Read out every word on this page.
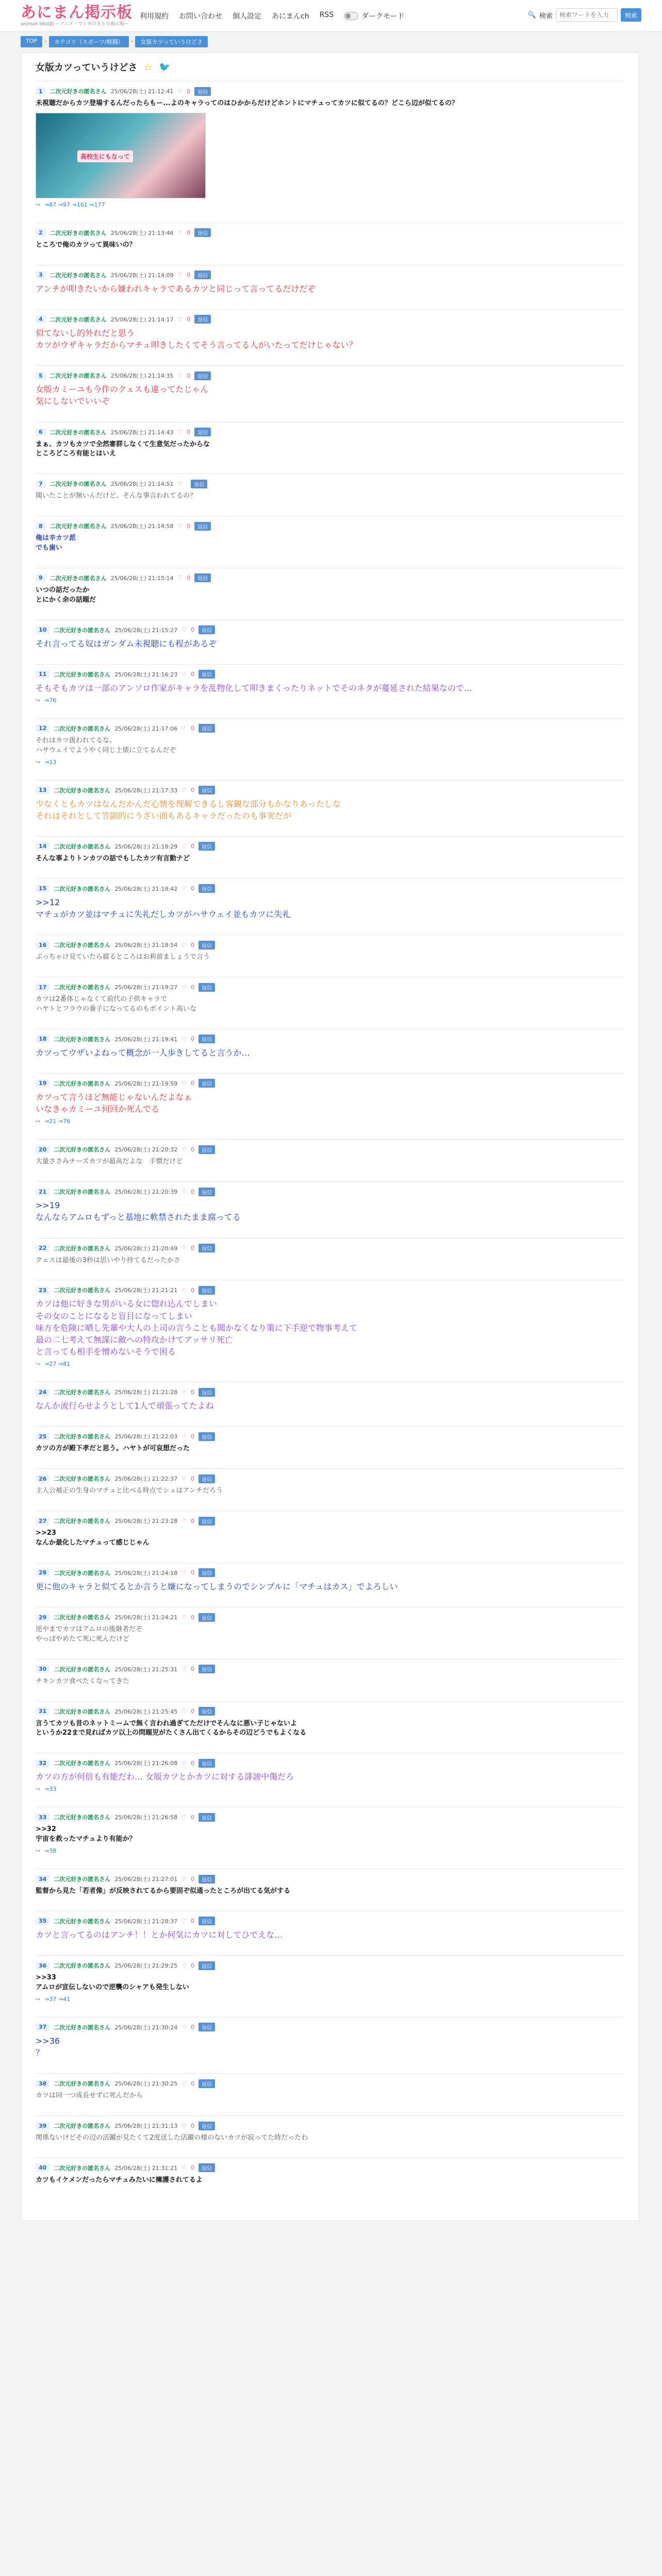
あにまん掲示板
animan bbs(β) ~アニメ・マンガのまとめ掲示板~
利用規約 お問い合わせ 個人設定 あにまんch RSS	ダークモード	🔍 検索
検索ワードを入力	検索
TOP	›	カテゴリ（スポーツ/格闘）	›	女版カツっていうけどさ
女版カツっていうけどさ ☆ 🐦
1	二次元好きの匿名さん 25/06/28(土) 21:12:41 ♡ 0	返信
未視聴だからカツ登場するんだったらもー...よのキャラってのはひかからだけどホントにマチュってカツに似てるの？どこら辺が似てるの？
高校生にもなって
↪ ⇒87 ⇒97 ⇒161 ⇒177
2	二次元好きの匿名さん 25/06/28(土) 21:13:46 ♡ 0	返信
ところで俺のカツって異味いの？
3	二次元好きの匿名さん 25/06/28(土) 21:14:09 ♡ 0	返信
アンチが叩きたいから嫌われキャラであるカツと同じって言ってるだけだぞ
4	二次元好きの匿名さん 25/06/28(土) 21:14:17 ♡ 0	返信
似てないし的外れだと思う
カツがウザキャラだからマチュ叩きしたくてそう言ってる人がいたってだけじゃない？
5	二次元好きの匿名さん 25/06/28(土) 21:14:35 ♡ 0	返信
女版カミーユも今作のクェスも違ってたじゃん
気にしないでいいぞ
6	二次元好きの匿名さん 25/06/28(土) 21:14:43 ♡ 0	返信
まぁ、カツもカツで全然審群しなくて生意気だったからな
ところどころ有能とはいえ
7	二次元好きの匿名さん 25/06/28(土) 21:14:51 ♡	返信
聞いたことが無いんだけど、そんな事言われてるの？
8	二次元好きの匿名さん 25/06/28(土) 21:14:58 ♡ 0	返信
俺は辛カツ派
でも歯い
9	二次元好きの匿名さん 25/06/28(土) 21:15:14 ♡ 0	返信
いつの話だったか
とにかく余の話題だ
10	二次元好きの匿名さん 25/06/28(土) 21:15:27 ♡ 0	返信
それ言ってる奴はガンダム未視聴にも程があるぞ
11	二次元好きの匿名さん 25/06/28(土) 21:16:23 ♡ 0	返信
そもそもカツは一部のアンソロ作家がキャラを乱物化して叩きまくったりネットでそのネタが蔓延された結果なので…
↪ ⇒76
12	二次元好きの匿名さん 25/06/28(土) 21:17:06 ♡ 0	返信
それはカツ扱われてるな。
ハサウェイでようやく同じ土俵に立てるんだぞ
↪ ⇒13
13	二次元好きの匿名さん 25/06/28(土) 21:17:33 ♡ 0	返信
少なくともカツはなんだかんだ心情を理解できるし客観な部分もかなりあったしな
それはそれとして笠副的にうざい面もあるキャラだったのも事実だが
14	二次元好きの匿名さん 25/06/28(土) 21:18:29 ♡ 0	返信
そんな事よりトンカツの話でもしたカツ有言動ナど
15	二次元好きの匿名さん 25/06/28(土) 21:18:42 ♡ 0	返信
>>12
マチュがカツ並はマチュに失礼だしカツがハサウェイ並もカツに失礼
16	二次元好きの匿名さん 25/06/28(土) 21:18:54 ♡ 0	返信
ぶっちゃけ見ていたら腐るところはお莉前ましょうで言う
17	二次元好きの匿名さん 25/06/28(土) 21:19:27 ♡ 0	返信
カツは2番体じゃなくて前代の子供キャラで
ハヤトとフラウの養子になってるのもポイント高いな
18	二次元好きの匿名さん 25/06/28(土) 21:19:41 ♡ 0	返信
カツってウザいよねって概念が一人歩きしてると言うか…
19	二次元好きの匿名さん 25/06/28(土) 21:19:59 ♡ 0	返信
カツって言うほど無能じゃないんだよなぁ
いなきゃカミーユ何回か死んでる
↪ ⇒21 ⇒76
20	二次元好きの匿名さん 25/06/28(土) 21:20:32 ♡ 0	返信
大量ささみチーズカツが最高だよな　手慣だけど
21	二次元好きの匿名さん 25/06/28(土) 21:20:39 ♡ 0	返信
>>19
なんならアムロもずっと基地に軟禁されたまま腐ってる
22	二次元好きの匿名さん 25/06/28(土) 21:20:49 ♡ 0	返信
クェスは最後の3秒は思いやり持てるだったかさ
23	二次元好きの匿名さん 25/06/28(土) 21:21:21 ♡ 0	返信
カツは他に好きな男がいる女に惚れ込んでしまい
その女のことになると盲目になってしまい
味方を危険に晒し先輩や大人の上司の言うことも聞かなくなり策に下手逆で物事考えて
最の二七考えて無謀に敵への特攻かけてアッサリ死亡
と言っても相手を憎めないそうで困る
↪ ⇒27 ⇒81
24	二次元好きの匿名さん 25/06/28(土) 21:21:28 ♡ 0	返信
なんか流行らせようとして1人で頑張ってたよね
25	二次元好きの匿名さん 25/06/28(土) 21:22:03 ♡ 0	返信
カツの方が殿下孝だと思う。ハヤトが可哀想だった
26	二次元好きの匿名さん 25/06/28(土) 21:22:37 ♡ 0	返信
主人公補正の生身のマチュと比べる時点でシュはアンチだろう
27	二次元好きの匿名さん 25/06/28(土) 21:23:28 ♡ 0	返信
>>23
なんか最化したマチュって感じじゃん
28	二次元好きの匿名さん 25/06/28(土) 21:24:18 ♡ 0	返信
更に他のキャラと似てるとか言うと嫌になってしまうのでシンプルに「マチュはカス」でよろしい
29	二次元好きの匿名さん 25/06/28(土) 21:24:21 ♡ 0	返信
逆やまでカツはアムロの後継者だぞ
やっぱやめたて死に死んだけど
30	二次元好きの匿名さん 25/06/28(土) 21:25:31 ♡ 0	返信
チキンカツ食べたくなってきた
31	二次元好きの匿名さん 25/06/28(土) 21:25:45 ♡ 0	返信
言うてカツも昔のネットミームで無く言われ過ぎてただけでそんなに悪い子じゃないよ
というか22まで見ればカツ以上の問題児がたくさん出てくるからその辺どうでもよくなる
32	二次元好きの匿名さん 25/06/28(土) 21:26:08 ♡ 0	返信
カツの方が何倍も有能だわ… 女版カツとかカツに対する誹謗中傷だろ
↪ ⇒33
33	二次元好きの匿名さん 25/06/28(土) 21:26:58 ♡ 0	返信
>>32
宇宙を救ったマチュより有能か？
↪ ⇒38
34	二次元好きの匿名さん 25/06/28(土) 21:27:01 ♡ 0	返信
監督から見た「若者像」が反映されてるから要固ぞ似通ったところが出てる気がする
35	二次元好きの匿名さん 25/06/28(土) 21:28:37 ♡ 0	返信
カツと言ってるのはアンチ！！とか何気にカツに対してひでえな…
36	二次元好きの匿名さん 25/06/28(土) 21:29:25 ♡ 0	返信
>>33
アムロが宣伝しないので逆襲のシャアも発生しない
↪ ⇒37 ⇒41
37	二次元好きの匿名さん 25/06/28(土) 21:30:24 ♡ 0	返信
>>36
？
38	二次元好きの匿名さん 25/06/28(土) 21:30:25 ♡ 0	返信
カツは同一つ成長せずに死んだから
39	二次元好きの匿名さん 25/06/28(土) 21:31:13 ♡ 0	返信
関係ないけどその辺の活躍が見たくて2度送した活躍の様のないカツが寂ってた時だったわ
40	二次元好きの匿名さん 25/06/28(土) 21:31:21 ♡ 0	返信
カツもイケメンだったらマチュみたいに擁護されてるよ
